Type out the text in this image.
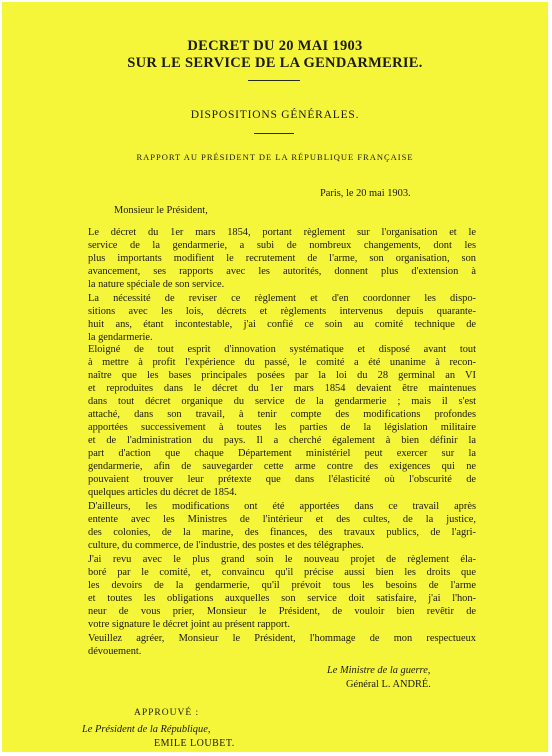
DECRET DU 20 MAI 1903
SUR LE SERVICE DE LA GENDARMERIE.
DISPOSITIONS GÉNÉRALES.
RAPPORT AU PRÉSIDENT DE LA RÉPUBLIQUE FRANÇAISE
Paris, le 20 mai 1903.
Monsieur le Président,
Le décret du 1er mars 1854, portant règlement sur l'organisation et le
service de la gendarmerie, a subi de nombreux changements, dont les
plus importants modifient le recrutement de l'arme, son organisation, son
avancement, ses rapports avec les autorités, donnent plus d'extension à
la nature spéciale de son service.
La nécessité de reviser ce règlement et d'en coordonner les dispo-
sitions avec les lois, décrets et règlements intervenus depuis quarante-
huit ans, étant incontestable, j'ai confié ce soin au comité technique de
la gendarmerie.
Eloigné de tout esprit d'innovation systématique et disposé avant tout
à mettre à profit l'expérience du passé, le comité a été unanime à recon-
naître que les bases principales posées par la loi du 28 germinal an VI
et reproduites dans le décret du 1er mars 1854 devaient être maintenues
dans tout décret organique du service de la gendarmerie ; mais il s'est
attaché, dans son travail, à tenir compte des modifications profondes
apportées successivement à toutes les parties de la législation militaire
et de l'administration du pays. Il a cherché également à bien définir la
part d'action que chaque Département ministériel peut exercer sur la
gendarmerie, afin de sauvegarder cette arme contre des exigences qui ne
pouvaient trouver leur prétexte que dans l'élasticité où l'obscurité de
quelques articles du décret de 1854.
D'ailleurs, les modifications ont été apportées dans ce travail après
entente avec les Ministres de l'intérieur et des cultes, de la justice,
des colonies, de la marine, des finances, des travaux publics, de l'agri-
culture, du commerce, de l'industrie, des postes et des télégraphes.
J'ai revu avec le plus grand soin le nouveau projet de règlement éla-
boré par le comité, et, convaincu qu'il précise aussi bien les droits que
les devoirs de la gendarmerie, qu'il prévoit tous les besoins de l'arme
et toutes les obligations auxquelles son service doit satisfaire, j'ai l'hon-
neur de vous prier, Monsieur le Président, de vouloir bien revêtir de
votre signature le décret joint au présent rapport.
Veuillez agréer, Monsieur le Président, l'hommage de mon respectueux
dévouement.
Le Ministre de la guerre,
Général L. ANDRÉ.
APPROUVÉ :
Le Président de la République,
EMILE LOUBET.
